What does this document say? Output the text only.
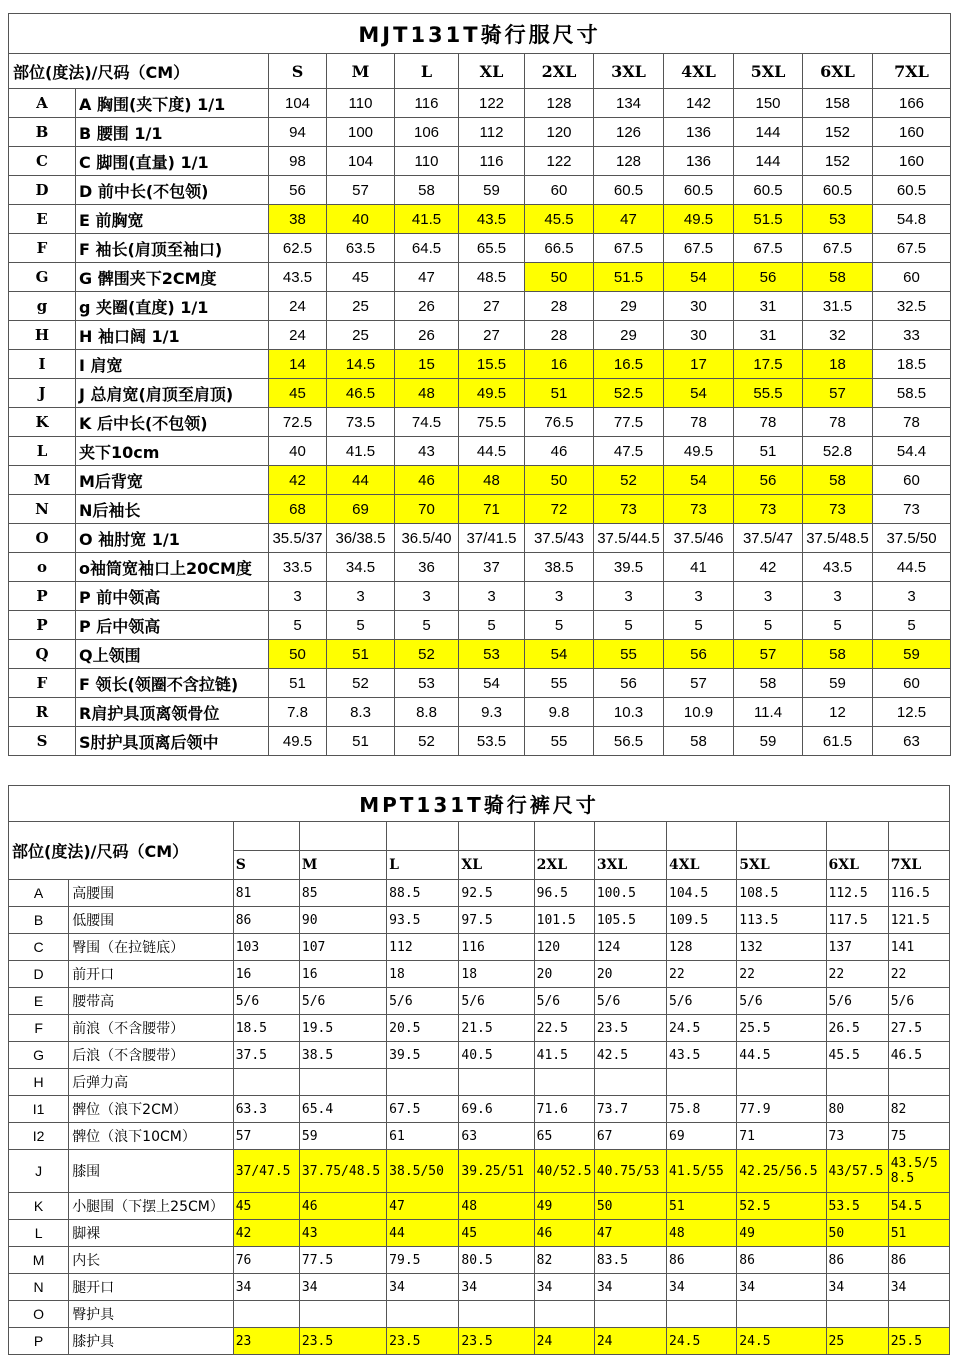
MJT131T骑行服尺寸											
部位(度法)/尺码（CM）		S	M	L	XL	2XL	3XL	4XL	5XL	6XL	7XL
A	A 胸围(夹下度) 1/1	104	110	116	122	128	134	142	150	158	166
B	B 腰围 1/1	94	100	106	112	120	126	136	144	152	160
C	C 脚围(直量) 1/1	98	104	110	116	122	128	136	144	152	160
D	D 前中长(不包领)	56	57	58	59	60	60.5	60.5	60.5	60.5	60.5
E	E 前胸宽	38	40	41.5	43.5	45.5	47	49.5	51.5	53	54.8
F	F 袖长(肩顶至袖口)	62.5	63.5	64.5	65.5	66.5	67.5	67.5	67.5	67.5	67.5
G	G 髀围夹下2CM度	43.5	45	47	48.5	50	51.5	54	56	58	60
g	g 夹圈(直度) 1/1	24	25	26	27	28	29	30	31	31.5	32.5
H	H 袖口阔 1/1	24	25	26	27	28	29	30	31	32	33
I	I 肩宽	14	14.5	15	15.5	16	16.5	17	17.5	18	18.5
J	J 总肩宽(肩顶至肩顶)	45	46.5	48	49.5	51	52.5	54	55.5	57	58.5
K	K 后中长(不包领)	72.5	73.5	74.5	75.5	76.5	77.5	78	78	78	78
L	夹下10cm	40	41.5	43	44.5	46	47.5	49.5	51	52.8	54.4
M	M后背宽	42	44	46	48	50	52	54	56	58	60
N	N后袖长	68	69	70	71	72	73	73	73	73	73
O	O 袖肘宽 1/1	35.5/37	36/38.5	36.5/40	37/41.5	37.5/43	37.5/44.5	37.5/46	37.5/47	37.5/48.5	37.5/50
o	o袖筒宽袖口上20CM度	33.5	34.5	36	37	38.5	39.5	41	42	43.5	44.5
P	P 前中领高	3	3	3	3	3	3	3	3	3	3
P	P 后中领高	5	5	5	5	5	5	5	5	5	5
Q	Q上领围	50	51	52	53	54	55	56	57	58	59
F	F 领长(领圈不含拉链)	51	52	53	54	55	56	57	58	59	60
R	R肩护具顶离领骨位	7.8	8.3	8.8	9.3	9.8	10.3	10.9	11.4	12	12.5
S	S肘护具顶离后领中	49.5	51	52	53.5	55	56.5	58	59	61.5	63
MPT131T骑行裤尺寸											
部位(度法)/尺码（CM）											
		S	M	L	XL	2XL	3XL	4XL	5XL	6XL	7XL
A	高腰围	81	85	88.5	92.5	96.5	100.5	104.5	108.5	112.5	116.5
B	低腰围	86	90	93.5	97.5	101.5	105.5	109.5	113.5	117.5	121.5
C	臀围（在拉链底）	103	107	112	116	120	124	128	132	137	141
D	前开口	16	16	18	18	20	20	22	22	22	22
E	腰带高	5/6	5/6	5/6	5/6	5/6	5/6	5/6	5/6	5/6	5/6
F	前浪（不含腰带）	18.5	19.5	20.5	21.5	22.5	23.5	24.5	25.5	26.5	27.5
G	后浪（不含腰带）	37.5	38.5	39.5	40.5	41.5	42.5	43.5	44.5	45.5	46.5
H	后弹力高										
I1	髀位（浪下2CM）	63.3	65.4	67.5	69.6	71.6	73.7	75.8	77.9	80	82
I2	髀位（浪下10CM）	57	59	61	63	65	67	69	71	73	75
J	膝围	37/47.5	37.75/48.5	38.5/50	39.25/51	40/52.5	40.75/53	41.5/55	42.25/56.5	43/57.5	43.5/58.5
K	小腿围（下摆上25CM）	45	46	47	48	49	50	51	52.5	53.5	54.5
L	脚裸	42	43	44	45	46	47	48	49	50	51
M	内长	76	77.5	79.5	80.5	82	83.5	86	86	86	86
N	腿开口	34	34	34	34	34	34	34	34	34	34
O	臀护具										
P	膝护具	23	23.5	23.5	23.5	24	24	24.5	24.5	25	25.5
